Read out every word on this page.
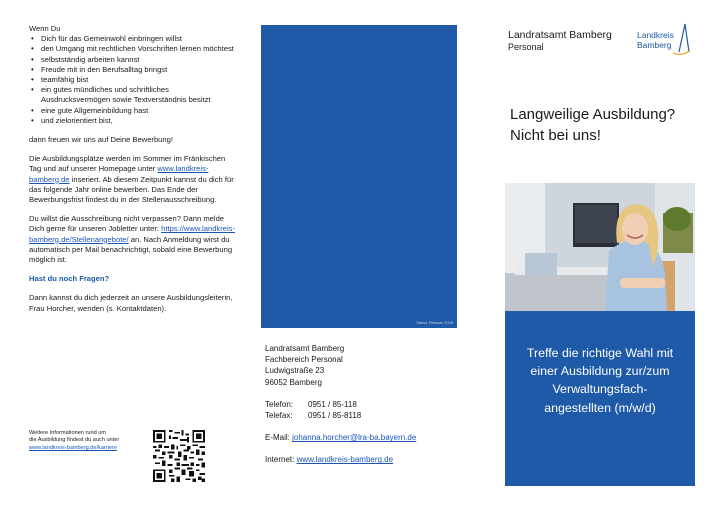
Wenn Du

• Dich für das Gemeinwohl einbringen willst
• den Umgang mit rechtlichen Vorschriften lernen möchtest
• selbstständig arbeiten kannst
• Freude mit in den Berufsalltag bringst
• teamfähig bist
• ein gutes mündliches und schriftliches Ausdrucksvermögen sowie Textverständnis besitzt
• eine gute Allgemeinbildung hast
• und zielorientiert bist,

dann freuen wir uns auf Deine Bewerbung!

Die Ausbildungsplätze werden im Sommer im Fränkischen Tag und auf unserer Homepage unter www.landkreis-bamberg.de inseriert. Ab diesem Zeitpunkt kannst du dich für das folgende Jahr online bewerben. Das Ende der Bewerbungsfrist findest du in der Stellenausschreibung.

Du willst die Ausschreibung nicht verpassen? Dann melde Dich gerne für unseren Jobletter unter: https://www.landkreis-bamberg.de/Stellenangebote/ an. Nach Anmeldung wirst du automatisch per Mail benachrichtigt, sobald eine Bewerbung möglich ist.

Hast du noch Fragen?

Dann kannst du dich jederzeit an unsere Ausbildungsleiterin, Frau Horcher, wenden (s. Kontaktdaten).

Weitere Informationen rund um
die Ausbildung findest du auch unter
www.landkreis-bamberg.de/karriere
Stand: Februar 2025
Landratsamt Bamberg
Fachbereich Personal
Ludwigstraße 23
96052 Bamberg
Telefon:	0951 / 85-118
Telefax:	0951 / 85-8118
E-Mail: johanna.horcher@lra-ba.bayern.de
Internet: www.landkreis-bamberg.de
Landratsamt Bamberg
Personal
Landkreis
Bamberg
Langweilige Ausbildung?
Nicht bei uns!
Treffe die richtige Wahl mit
einer Ausbildung zur/zum
Verwaltungsfach-
angestellten (m/w/d)
